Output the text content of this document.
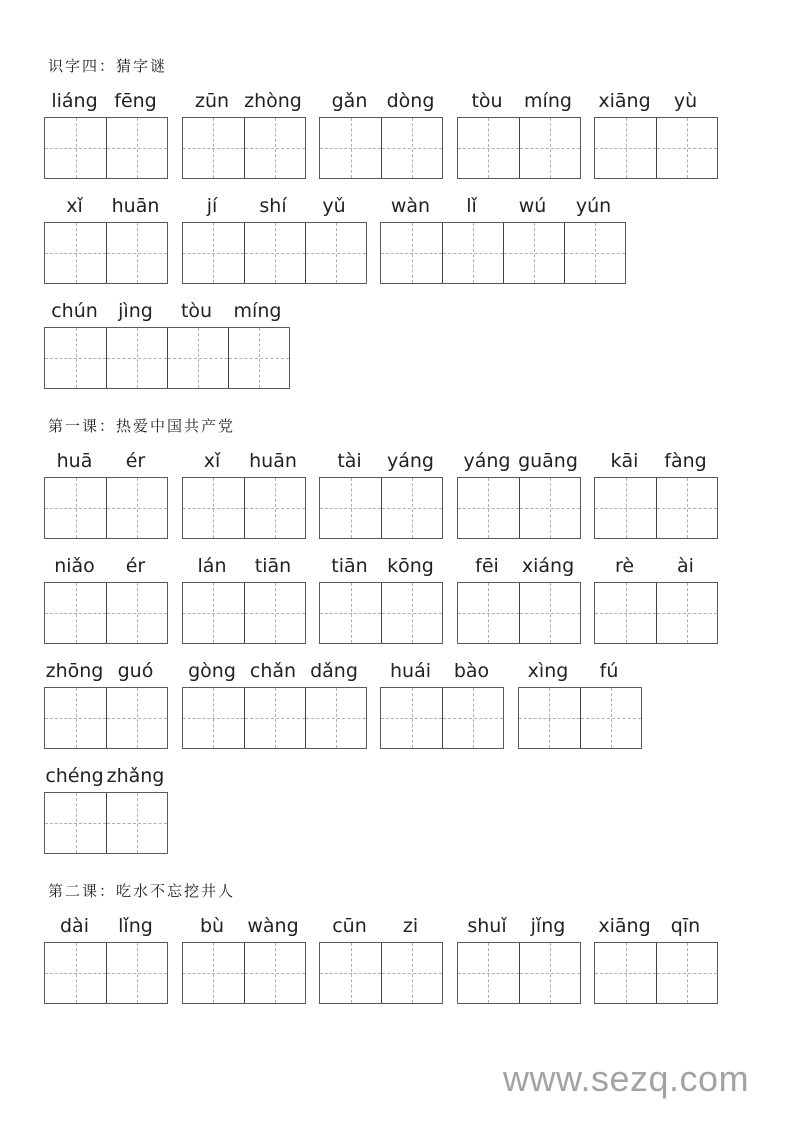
识字四：猜字谜
liáng fēng	zūn zhòng	gǎn	dòng	tòu	míng	xiāng	yù
xǐ	huān	jí	shí	yǔ	wàn	lǐ	wú	yún
chún	jìng	tòu	míng
第一课：热爱中国共产党
huā	ér	xǐ	huān	tài	yáng	yáng guāng	kāi	fàng
niǎo	ér	lán	tiān	tiān	kōng	fēi	xiáng	rè	ài
zhōng guó	gòng chǎn dǎng	huái	bào	xìng	fú
chéng zhǎng
第二课：吃水不忘挖井人
dài	lǐng	bù	wàng	cūn	zi	shuǐ	jǐng	xiāng	qīn
www.sezq.com
